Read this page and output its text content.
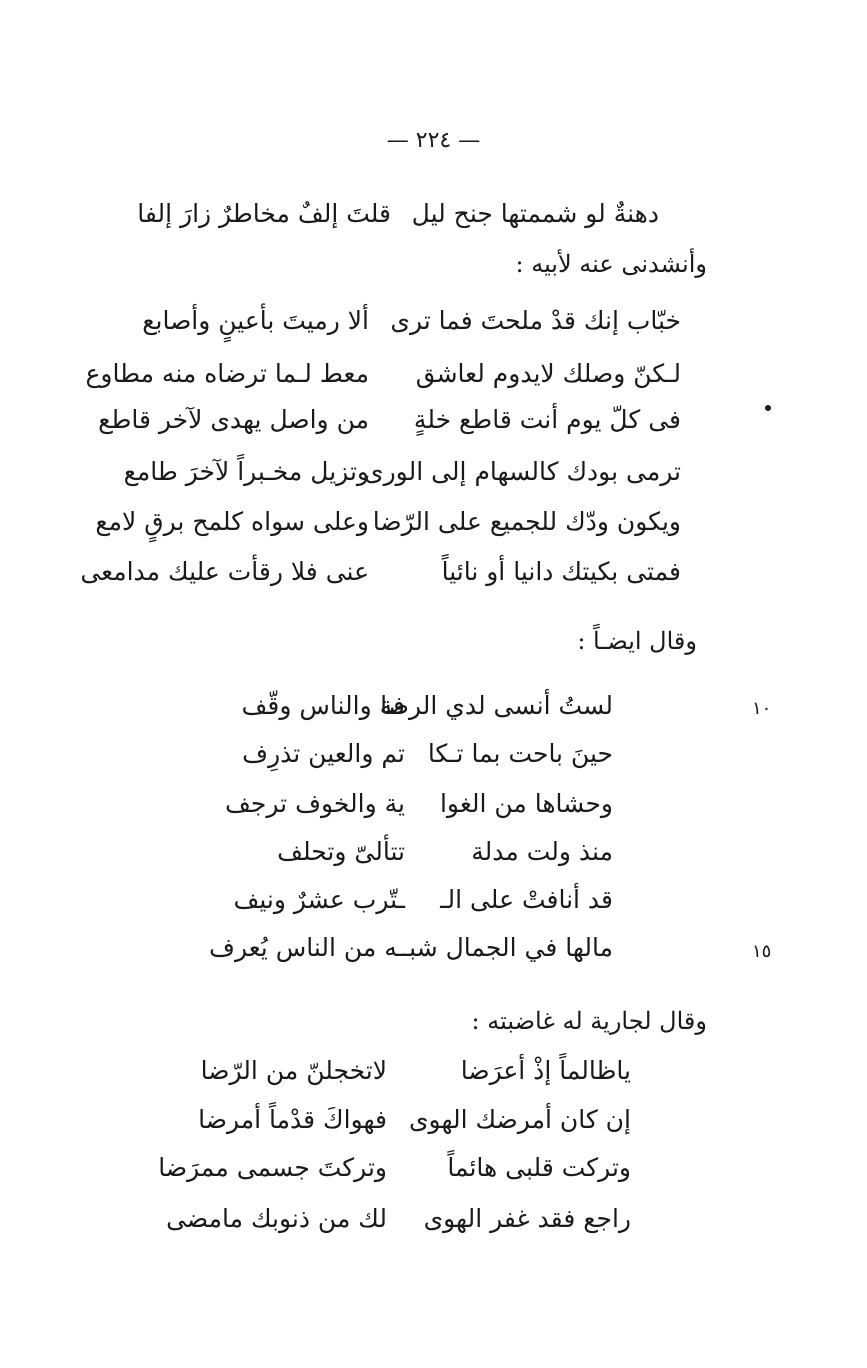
— ٢٢٤ —
دهنةٌ لو شممتها جنح ليل
قلتَ إلفٌ مخاطرٌ زارَ إلفا
وأنشدنى عنه لأبيه :
خبّاب إنك قدْ ملحتَ فما ترى
ألا رميتَ بأعينٍ وأصابع
لـكنّ وصلك لايدوم لعاشق
معط لـما ترضاه منه مطاوع
فى كلّ يوم أنت قاطع خلةٍ
من واصل يهدى لآخر قاطع
ترمى بودك كالسهام إلى الورى
وتزيل مخـبراً لآخرَ طامع
ويكون ودّك للجميع على الرّضا
وعلى سواه كلمح برقٍ لامع
فمتى بكيتك دانيا أو نائياً
عنى فلا رقأت عليك مدامعى
وقال ايضـاً :
١٠
لستُ أنسى لدي الرصا
فة والناس وقّف
حينَ باحت بما تـكا
تم والعين تذرِف
وحشاها من الغوا
ية والخوف ترجف
منذ ولت مدلة
تتألىّ وتحلف
قد أنافتْ على الـ
ـتّرب عشرٌ ونيف
١٥
مالها في الجمال شبـ
ـه من الناس يُعرف
وقال لجارية له غاضبته :
ياظالماً إذْ أعرَضا
لاتخجلنّ من الرّضا
إن كان أمرضك الهوى
فهواكَ قدْماً أمرضا
وتركت قلبى هائماً
وتركتَ جسمى ممرَضا
راجع فقد غفر الهوى
لك من ذنوبك مامضى
